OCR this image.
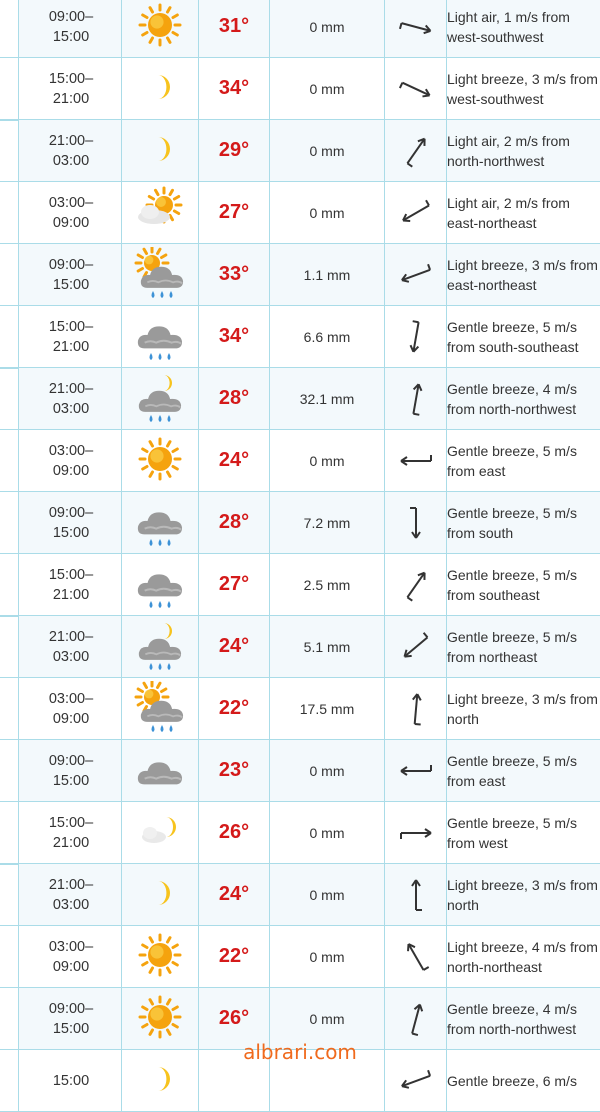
09:00–
15:00	31°	0 mm
Light air, 1 m/s from
west-southwest
15:00–
21:00	34°	0 mm
Light breeze, 3 m/s from
west-southwest
21:00–
03:00	29°	0 mm
Light air, 2 m/s from
north-northwest
03:00–
09:00	27°	0 mm
Light air, 2 m/s from
east-northeast
09:00–
15:00	33°	1.1 mm
Light breeze, 3 m/s from
east-northeast
15:00–
21:00	34°	6.6 mm
Gentle breeze, 5 m/s
from south-southeast
21:00–
03:00	28°	32.1 mm
Gentle breeze, 4 m/s
from north-northwest
03:00–
09:00	24°	0 mm
Gentle breeze, 5 m/s
from east
09:00–
15:00	28°	7.2 mm
Gentle breeze, 5 m/s
from south
15:00–
21:00	27°	2.5 mm
Gentle breeze, 5 m/s
from southeast
21:00–
03:00	24°	5.1 mm
Gentle breeze, 5 m/s
from northeast
03:00–
09:00	22°	17.5 mm
Light breeze, 3 m/s from
north
09:00–
15:00	23°	0 mm
Gentle breeze, 5 m/s
from east
15:00–
21:00	26°	0 mm
Gentle breeze, 5 m/s
from west
21:00–
03:00	24°	0 mm
Light breeze, 3 m/s from
north
03:00–
09:00	22°	0 mm
Light breeze, 4 m/s from
north-northeast
09:00–
15:00	26°	0 mm
Gentle breeze, 4 m/s
from north-northwest
15:00	Gentle breeze, 6 m/s
albrari.com
